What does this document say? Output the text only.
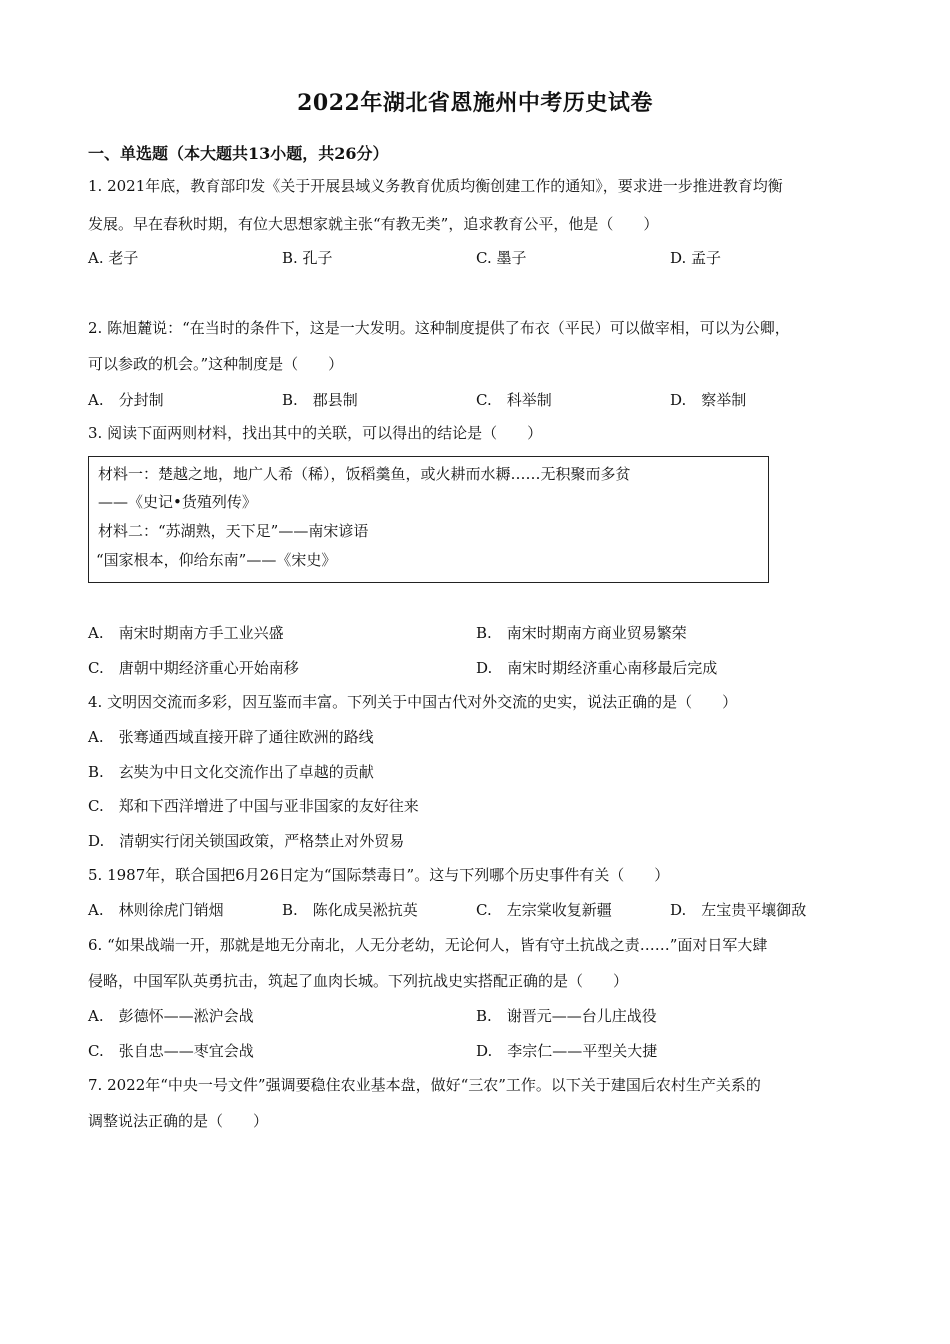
2022年湖北省恩施州中考历史试卷
一、单选题（本大题共13小题，共26分）
1. 2021年底，教育部印发《关于开展县域义务教育优质均衡创建工作的通知》，要求进一步推进教育均衡
发展。早在春秋时期，有位大思想家就主张“有教无类”，追求教育公平，他是（　　）
A. 老子	B. 孔子	C. 墨子	D. 孟子
2. 陈旭麓说：“在当时的条件下，这是一大发明。这种制度提供了布衣（平民）可以做宰相，可以为公卿，
可以参政的机会。”这种制度是（　　）
A.　分封制	B.　郡县制	C.　科举制	D.　察举制
3. 阅读下面两则材料，找出其中的关联，可以得出的结论是（　　）
材料一：楚越之地，地广人希（稀），饭稻羹鱼，或火耕而水耨……无积聚而多贫
——《史记•货殖列传》
材料二：“苏湖熟，天下足”——南宋谚语
“国家根本，仰给东南”——《宋史》
A.　南宋时期南方手工业兴盛	B.　南宋时期南方商业贸易繁荣
C.　唐朝中期经济重心开始南移	D.　南宋时期经济重心南移最后完成
4. 文明因交流而多彩，因互鉴而丰富。下列关于中国古代对外交流的史实，说法正确的是（　　）
A.　张骞通西域直接开辟了通往欧洲的路线
B.　玄奘为中日文化交流作出了卓越的贡献
C.　郑和下西洋增进了中国与亚非国家的友好往来
D.　清朝实行闭关锁国政策，严格禁止对外贸易
5. 1987年，联合国把6月26日定为“国际禁毒日”。这与下列哪个历史事件有关（　　）
A.　林则徐虎门销烟	B.　陈化成吴淞抗英	C.　左宗棠收复新疆	D.　左宝贵平壤御敌
6. “如果战端一开，那就是地无分南北，人无分老幼，无论何人，皆有守土抗战之责……”面对日军大肆
侵略，中国军队英勇抗击，筑起了血肉长城。下列抗战史实搭配正确的是（　　）
A.　彭德怀——淞沪会战	B.　谢晋元——台儿庄战役
C.　张自忠——枣宜会战	D.　李宗仁——平型关大捷
7. 2022年“中央一号文件”强调要稳住农业基本盘，做好“三农”工作。以下关于建国后农村生产关系的
调整说法正确的是（　　）
